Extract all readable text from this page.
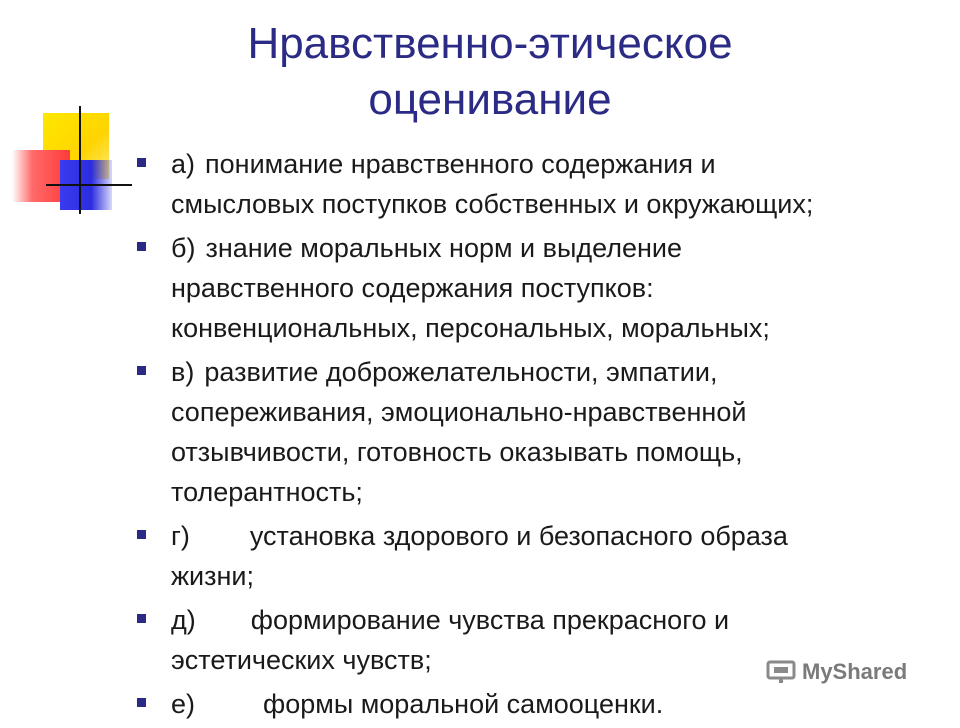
Нравственно-этическое
оценивание
а) понимание нравственного содержания и
смысловых поступков собственных и окружающих;
б) знание моральных норм и выделение
нравственного содержания поступков:
конвенциональных, персональных, моральных;
в) развитие доброжелательности, эмпатии,
сопереживания, эмоционально-нравственной
отзывчивости, готовность оказывать помощь,
толерантность;
г) установка здорового и безопасного образа
жизни;
д) формирование чувства прекрасного и
эстетических чувств;
е)	формы моральной самооценки.
MyShared
